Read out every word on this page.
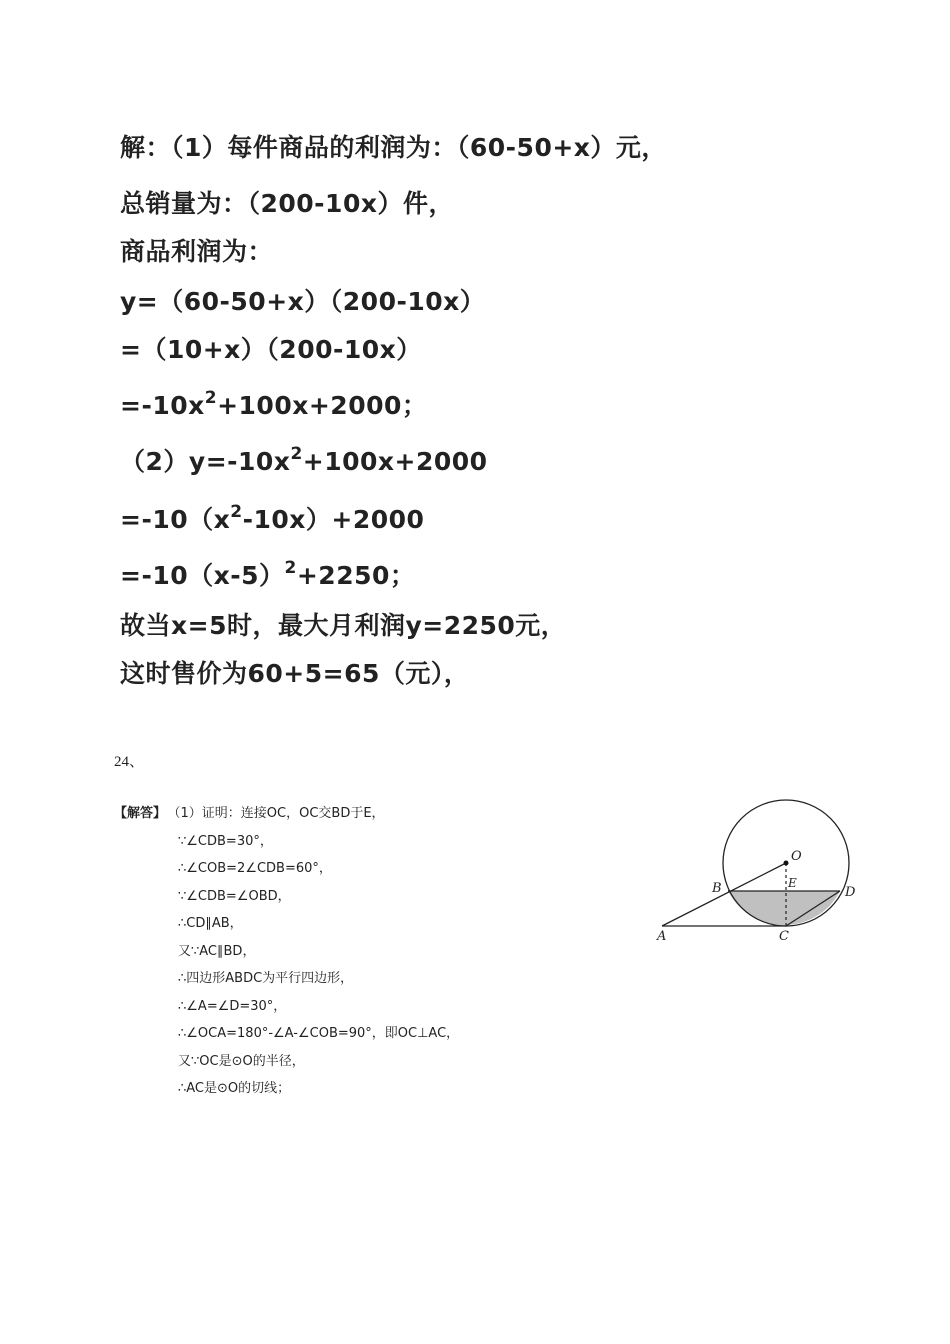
解：（1）每件商品的利润为：（60-50+x）元，
总销量为：（200-10x）件，
商品利润为：
y=（60-50+x）（200-10x）
=（10+x）（200-10x）
$=-10x^2+100x+2000$；
$(2)y=-10x^2+100x+2000$
$=-10(x^2-10x)+2000$
$=-10(x-5)^2+2250$；
故当x=5时，最大月利润y=2250元，
这时售价为60+5=65（元），
24、
【解答】 （1）证明：连接OC，OC交BD于E，
∵∠CDB=30°，
∴∠COB=2∠CDB=60°，
∵∠CDB=∠OBD，
∴CD∥AB，
又∵AC∥BD，
∴四边形ABDC为平行四边形，
∴∠A=∠D=30°，
∴∠OCA=180°-∠A-∠COB=90°，即OC⊥AC，
又∵OC是⊙O的半径，
∴AC是⊙O的切线；
O
E
B	D
A	C
